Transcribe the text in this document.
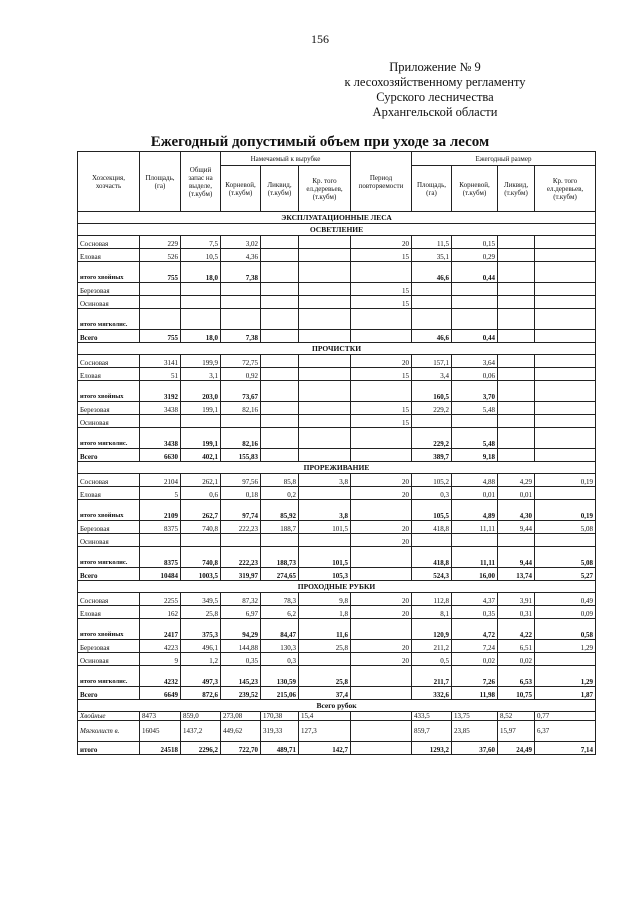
156
Приложение № 9
к лесохозяйственному регламенту
Сурского лесничества
Архангельской области
Ежегодный допустимый объем при уходе за лесом
Хозсекция, хозчасть	Площадь, (га)	Общий запас на выделе, (т.кубм)	Намечаемый к вырубке			Период повторяемости	Ежегодный размер			
			Корневой, (т.кубм)	Ликвид, (т.кубм)	Кр. того ел.деревьев, (т.кубм)		Площадь, (га)	Корневой, (т.кубм)	Ликвид, (т.кубм)	Кр. того ел.деревьев, (т.кубм)
ЭКСПЛУАТАЦИОННЫЕ ЛЕСА										
ОСВЕТЛЕНИЕ										
Сосновая	229	7,5	3,02			20	11,5	0,15		
Еловая	526	10,5	4,36			15	35,1	0,29		
итого хвойных	755	18,0	7,38				46,6	0,44		
Березовая						15				
Осиновая						15				
итого мягколис.										
Всего	755	18,0	7,38				46,6	0,44		
ПРОЧИСТКИ										
Сосновая	3141	199,9	72,75			20	157,1	3,64		
Еловая	51	3,1	0,92			15	3,4	0,06		
итого хвойных	3192	203,0	73,67				160,5	3,70		
Березовая	3438	199,1	82,16			15	229,2	5,48		
Осиновая						15				
итого мягколис.	3438	199,1	82,16				229,2	5,48		
Всего	6630	402,1	155,83				389,7	9,18		
ПРОРЕЖИВАНИЕ										
Сосновая	2104	262,1	97,56	85,8	3,8	20	105,2	4,88	4,29	0,19
Еловая	5	0,6	0,18	0,2		20	0,3	0,01	0,01	
итого хвойных	2109	262,7	97,74	85,92	3,8		105,5	4,89	4,30	0,19
Березовая	8375	740,8	222,23	188,7	101,5	20	418,8	11,11	9,44	5,08
Осиновая						20				
итого мягколис.	8375	740,8	222,23	188,73	101,5		418,8	11,11	9,44	5,08
Всего	10484	1003,5	319,97	274,65	105,3		524,3	16,00	13,74	5,27
ПРОХОДНЫЕ РУБКИ										
Сосновая	2255	349,5	87,32	78,3	9,8	20	112,8	4,37	3,91	0,49
Еловая	162	25,8	6,97	6,2	1,8	20	8,1	0,35	0,31	0,09
итого хвойных	2417	375,3	94,29	84,47	11,6		120,9	4,72	4,22	0,58
Березовая	4223	496,1	144,88	130,3	25,8	20	211,2	7,24	6,51	1,29
Осиновая	9	1,2	0,35	0,3		20	0,5	0,02	0,02	
итого мягколис.	4232	497,3	145,23	130,59	25,8		211,7	7,26	6,53	1,29
Всего	6649	872,6	239,52	215,06	37,4		332,6	11,98	10,75	1,87
Всего рубок										
Хвойные	8473	859,0	273,08	170,38	15,4		433,5	13,75	8,52	0,77
Мягколист в.	16045	1437,2	449,62	319,33	127,3		859,7	23,85	15,97	6,37
итого	24518	2296,2	722,70	489,71	142,7		1293,2	37,60	24,49	7,14
